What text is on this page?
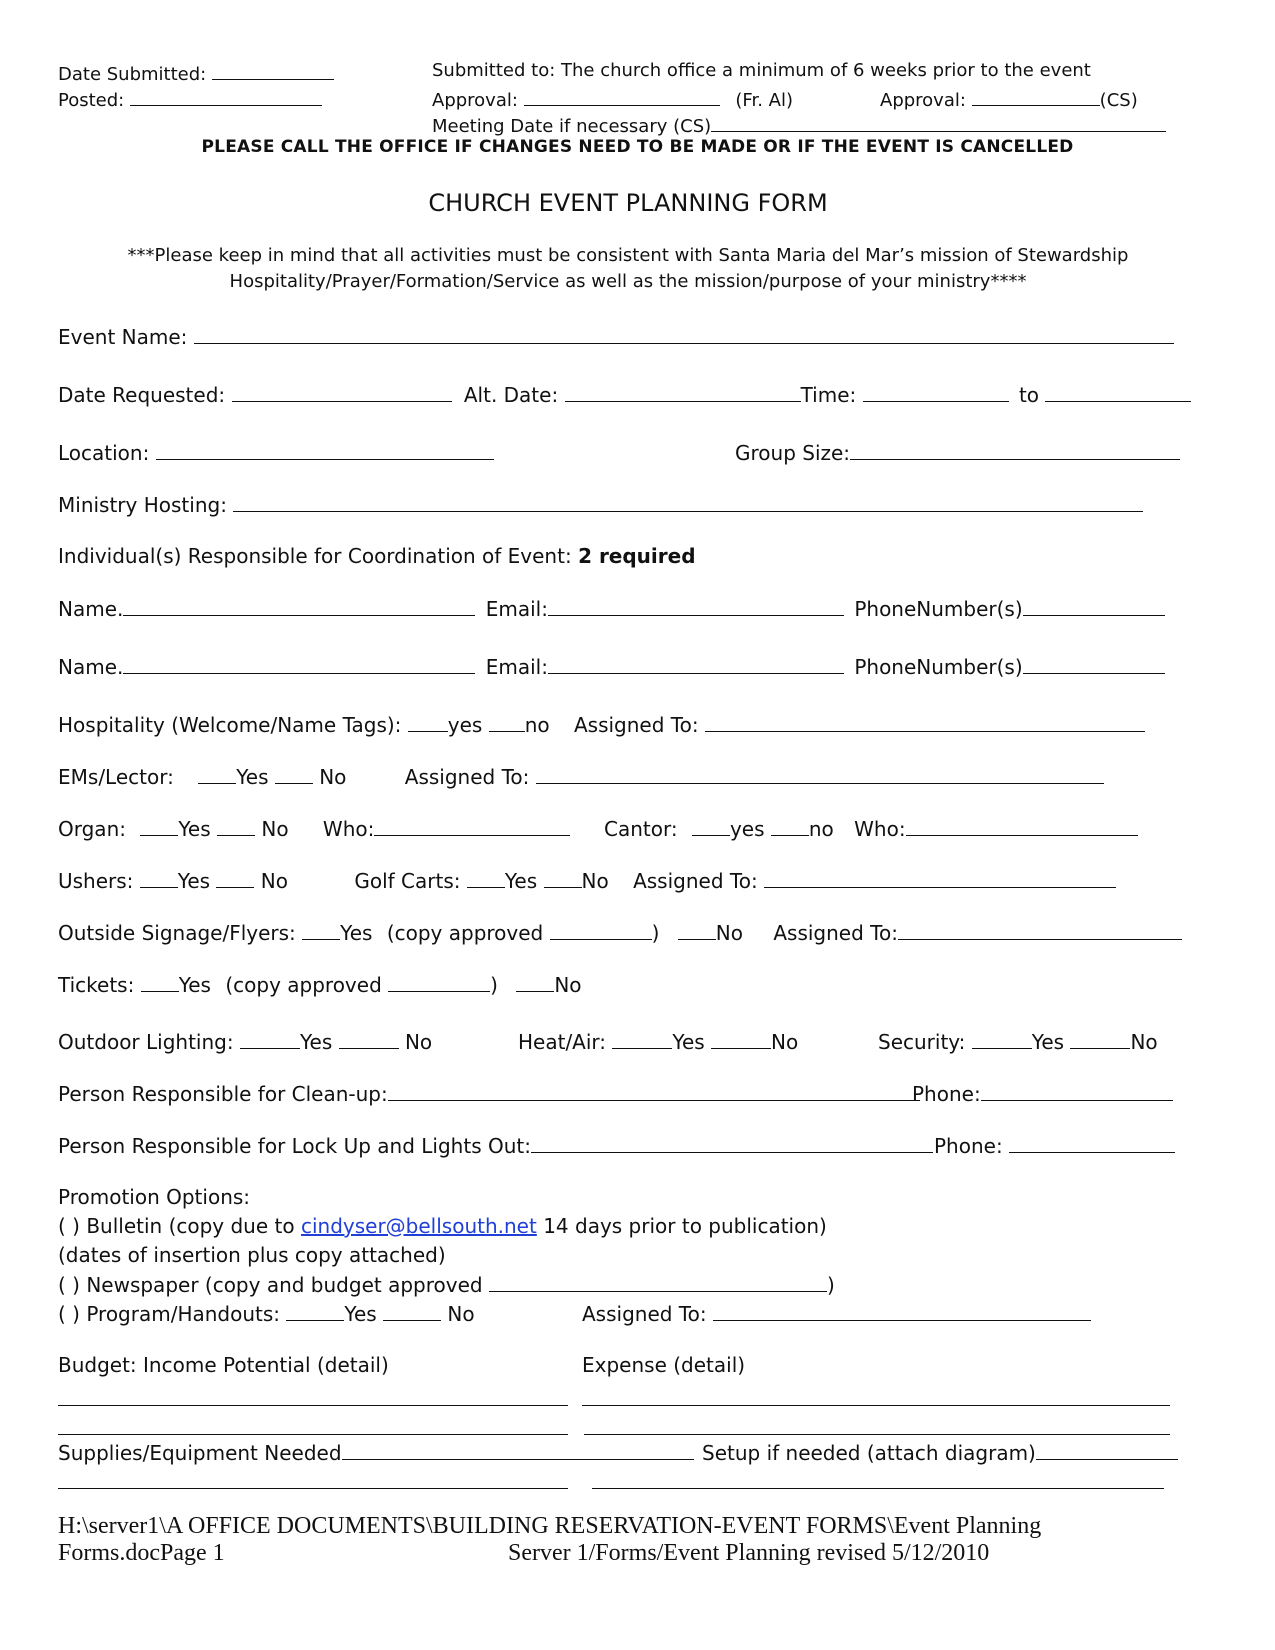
Date Submitted:
Posted:
Submitted to: The church office a minimum of 6 weeks prior to the event
Approval:	(Fr. Al)	Approval:	(CS)
Meeting Date if necessary (CS)
PLEASE CALL THE OFFICE IF CHANGES NEED TO BE MADE OR IF THE EVENT IS CANCELLED
CHURCH EVENT PLANNING FORM
***Please keep in mind that all activities must be consistent with Santa Maria del Mar’s mission of Stewardship
Hospitality/Prayer/Formation/Service as well as the mission/purpose of your ministry****
Event Name:
Date Requested:	Alt. Date:	Time:	to
Location:	Group Size:
Ministry Hosting:
Individual(s) Responsible for Coordination of Event: 2 required
Name.	Email:	PhoneNumber(s)
Name.	Email:	PhoneNumber(s)
Hospitality (Welcome/Name Tags): yes no Assigned To:
EMs/Lector:	Yes	No	Assigned To:
Organ:	Yes	No Who:	Cantor:	yes no Who:
Ushers: Yes	No	Golf Carts: Yes No Assigned To:
Outside Signage/Flyers: Yes (copy approved	)	No Assigned To:
Tickets: Yes (copy approved	)	No
Outdoor Lighting:	Yes	No	Heat/Air:	Yes	No	Security:	Yes	No
Person Responsible for Clean-up:	Phone:
Person Responsible for Lock Up and Lights Out:	Phone:
Promotion Options:
( ) Bulletin (copy due to cindyser@bellsouth.net 14 days prior to publication)
(dates of insertion plus copy attached)
( ) Newspaper (copy and budget approved	)
( ) Program/Handouts:	Yes	No	Assigned To:
Budget: Income Potential (detail)	Expense (detail)
Supplies/Equipment Needed	Setup if needed (attach diagram)
H:\server1\A OFFICE DOCUMENTS\BUILDING RESERVATION-EVENT FORMS\Event Planning
Forms.docPage 1	Server 1/Forms/Event Planning revised 5/12/2010
